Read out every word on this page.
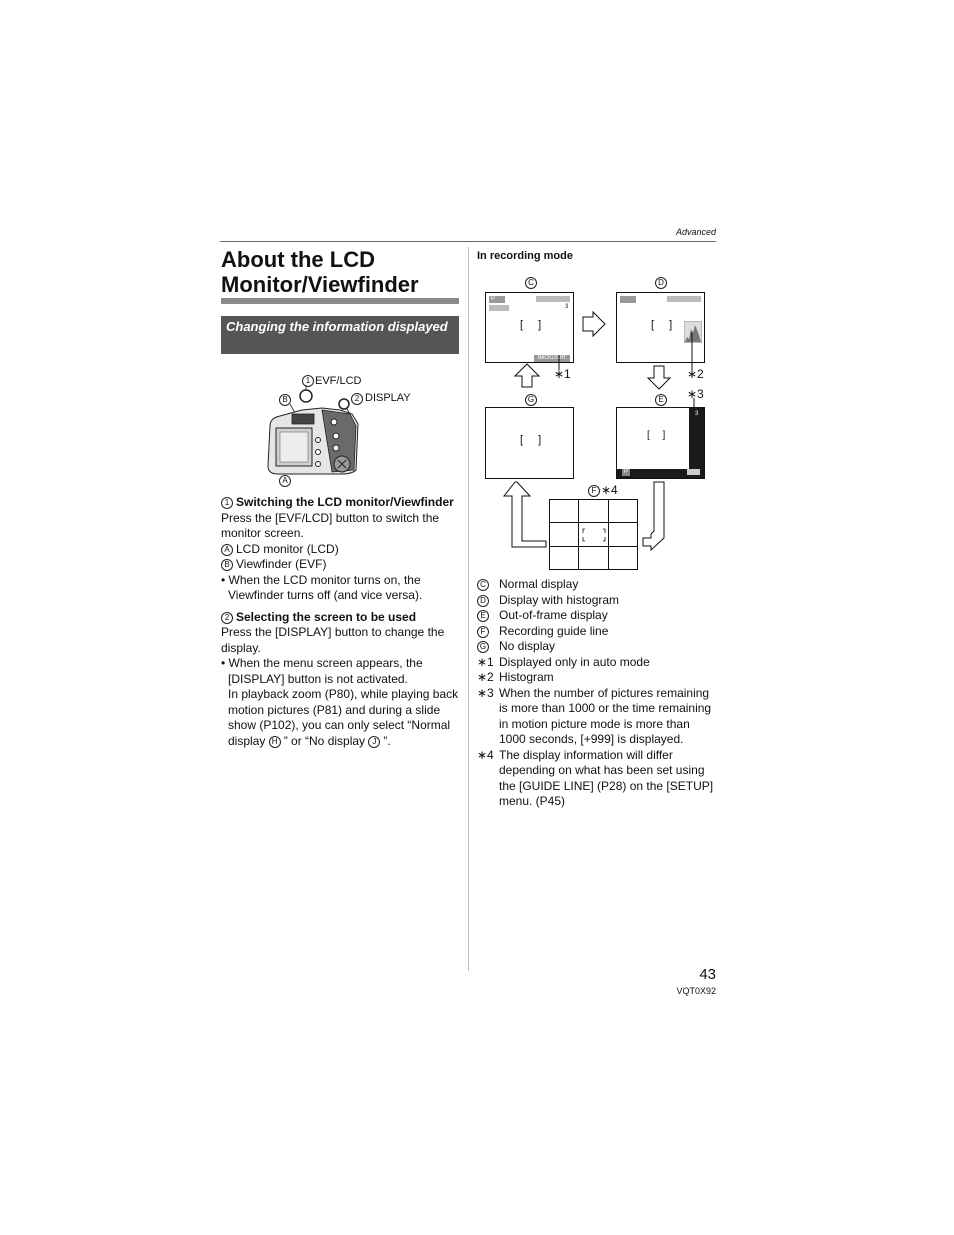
Advanced
About the LCD Monitor/Viewfinder
Changing the information displayed
1 EVF/LCD
2 DISPLAY
B
A
1 Switching the LCD monitor/Viewfinder
Press the [EVF/LCD] button to switch the monitor screen.
A LCD monitor (LCD)
B Viewfinder (EVF)
• When the LCD monitor turns on, the Viewfinder turns off (and vice versa).
2 Selecting the screen to be used
Press the [DISPLAY] button to change the display.
• When the menu screen appears, the [DISPLAY] button is not activated.
In playback zoom (P80), while playing back motion pictures (P81) and during a slide show (P102), you can only select “Normal display H ” or “No display J ”.
In recording mode
C	D
G	E
F
∗1	∗2
∗3
∗4
P
3
[ ]
BACKLIGHT
[ ]
[ ]	[ ]
3
P
C Normal display
D Display with histogram
E Out-of-frame display
F Recording guide line
G No display
∗1 Displayed only in auto mode
∗2 Histogram
∗3 When the number of pictures remaining is more than 1000 or the time remaining in motion picture mode is more than 1000 seconds, [+999] is displayed.
∗4 The display information will differ depending on what has been set using the [GUIDE LINE] (P28) on the [SETUP] menu. (P45)
43
VQT0X92
